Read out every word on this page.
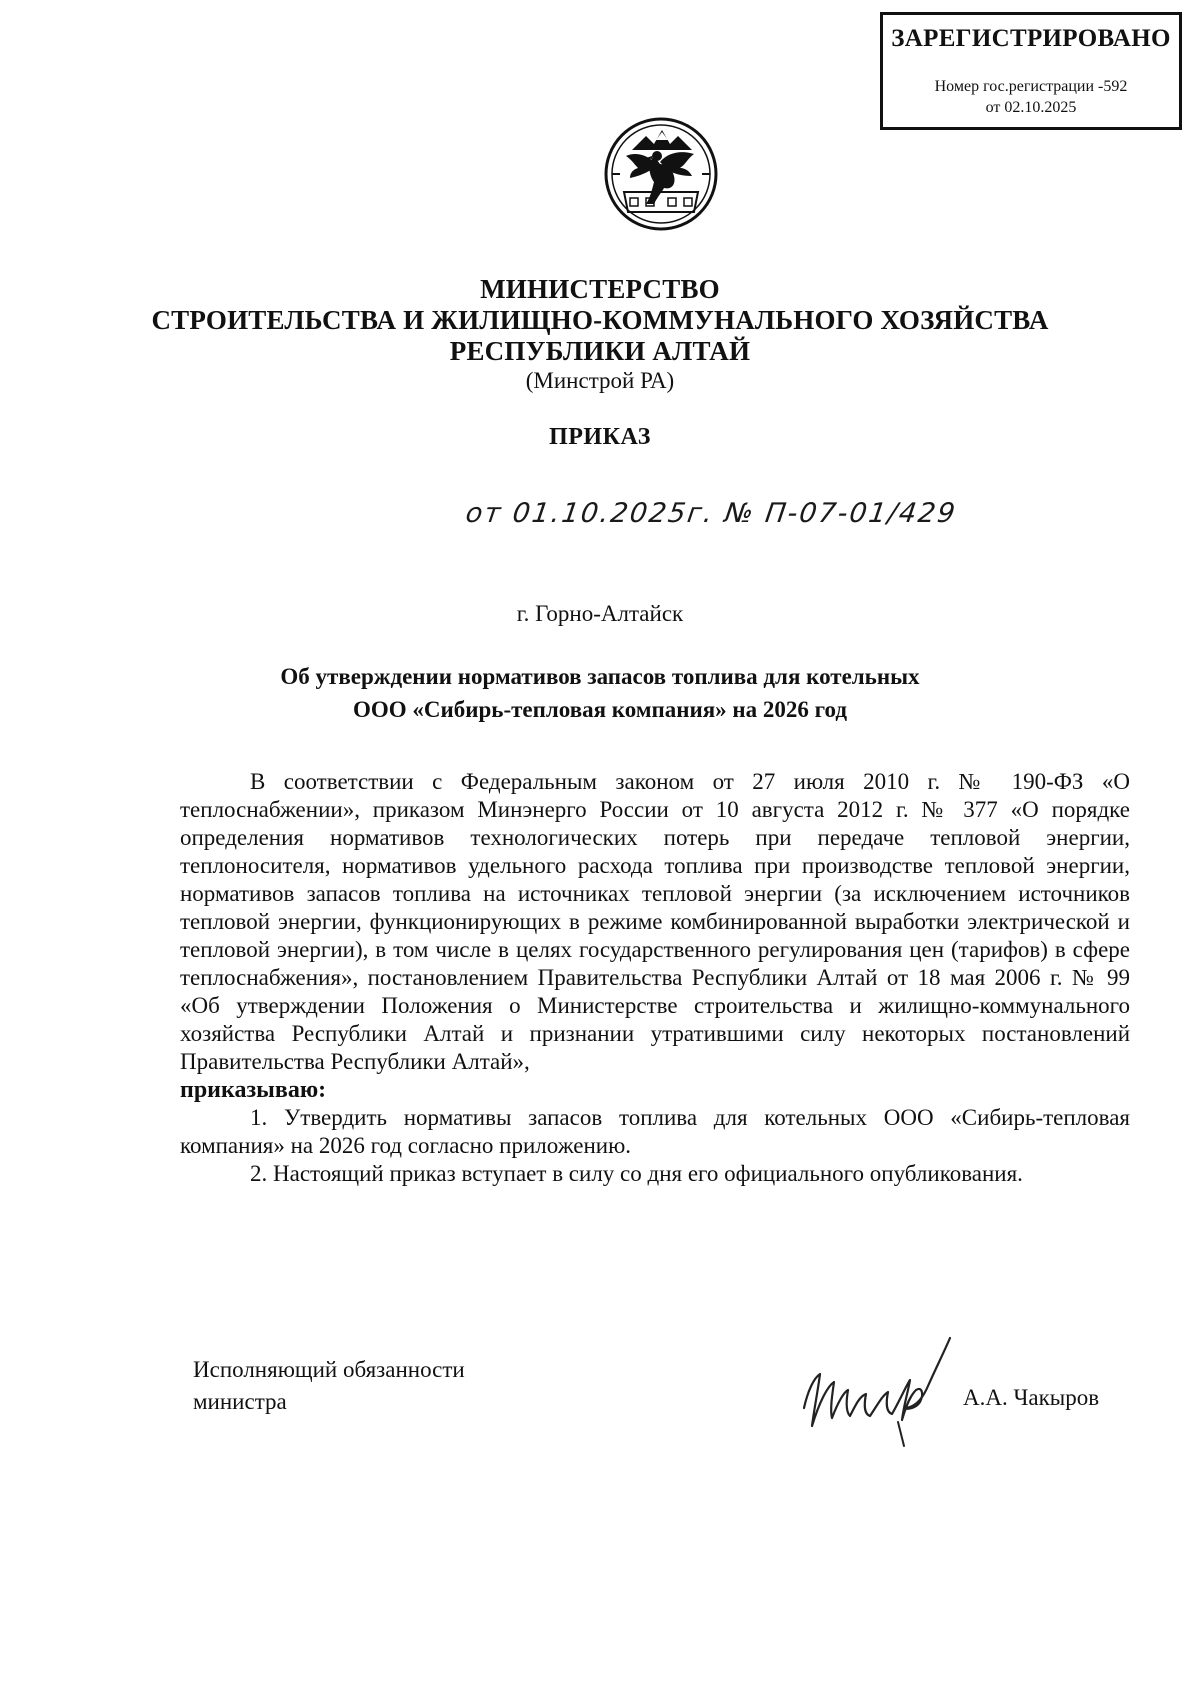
ЗАРЕГИСТРИРОВАНО
Номер гос.регистрации -592
от 02.10.2025
МИНИСТЕРСТВО
СТРОИТЕЛЬСТВА И ЖИЛИЩНО-КОММУНАЛЬНОГО ХОЗЯЙСТВА
РЕСПУБЛИКИ АЛТАЙ
(Минстрой РА)
ПРИКАЗ
от 01.10.2025г. № П-07-01/429
г. Горно-Алтайск
Об утверждении нормативов запасов топлива для котельных
ООО «Сибирь-тепловая компания» на 2026 год

В соответствии с Федеральным законом от 27 июля 2010 г. № 190-ФЗ «О теплоснабжении», приказом Минэнерго России от 10 августа 2012 г. № 377 «О порядке определения нормативов технологических потерь при передаче тепловой энергии, теплоносителя, нормативов удельного расхода топлива при производстве тепловой энергии, нормативов запасов топлива на источниках тепловой энергии (за исключением источников тепловой энергии, функционирующих в режиме комбинированной выработки электрической и тепловой энергии), в том числе в целях государственного регулирования цен (тарифов) в сфере теплоснабжения», постановлением Правительства Республики Алтай от 18 мая 2006 г. № 99 «Об утверждении Положения о Министерстве строительства и жилищно-коммунального хозяйства Республики Алтай и признании утратившими силу некоторых постановлений Правительства Республики Алтай»,

приказываю:

1. Утвердить нормативы запасов топлива для котельных ООО «Сибирь-тепловая компания» на 2026 год согласно приложению.

2. Настоящий приказ вступает в силу со дня его официального опубликования.

Исполняющий обязанности
министра	А.А. Чакыров
